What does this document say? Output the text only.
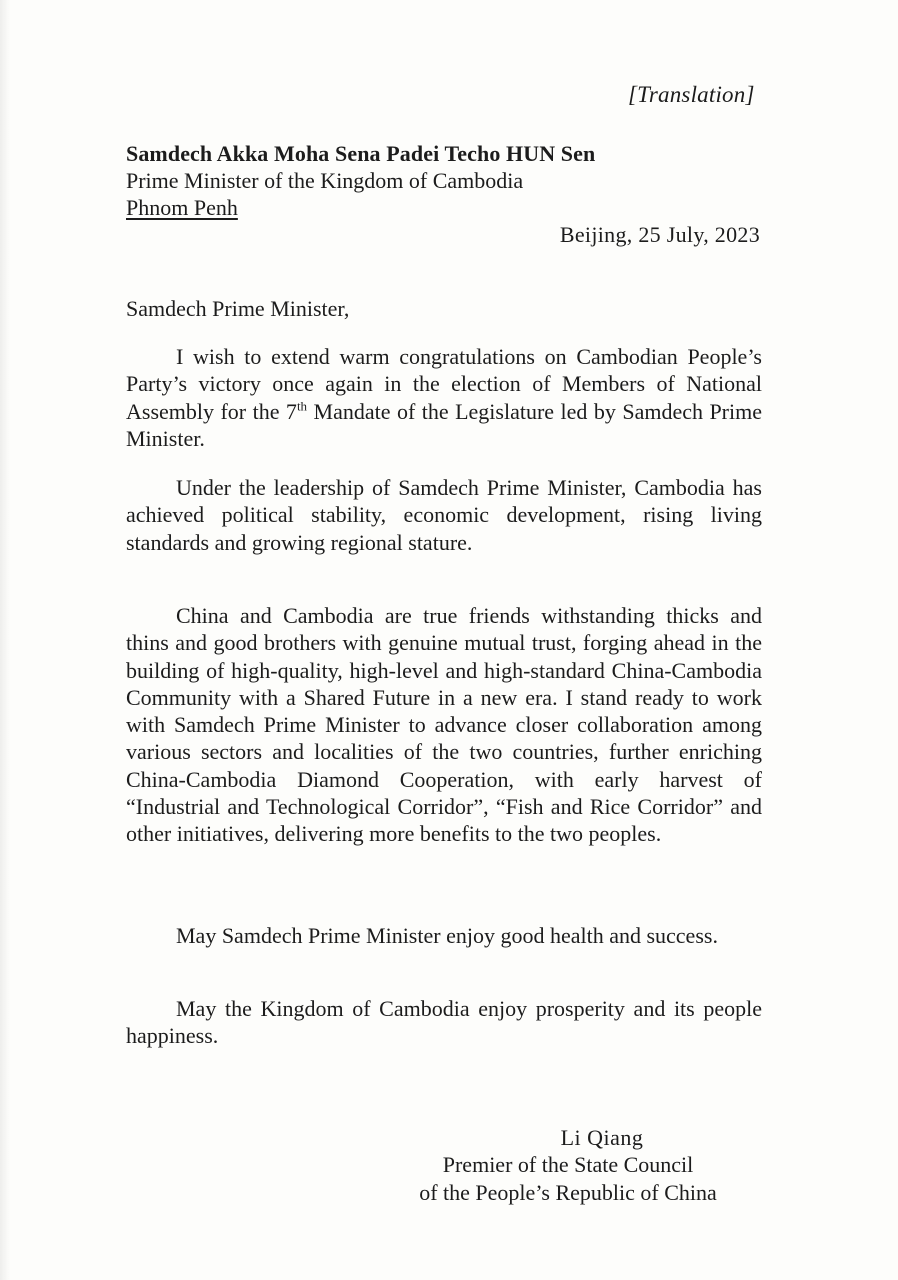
[Translation]
Samdech Akka Moha Sena Padei Techo HUN Sen
Prime Minister of the Kingdom of Cambodia
Phnom Penh
Beijing, 25 July, 2023
Samdech Prime Minister,

I wish to extend warm congratulations on Cambodian People’s Party’s victory once again in the election of Members of National Assembly for the 7th Mandate of the Legislature led by Samdech Prime Minister.

Under the leadership of Samdech Prime Minister, Cambodia has achieved political stability, economic development, rising living standards and growing regional stature.

China and Cambodia are true friends withstanding thicks and thins and good brothers with genuine mutual trust, forging ahead in the building of high-quality, high-level and high-standard China-Cambodia Community with a Shared Future in a new era. I stand ready to work with Samdech Prime Minister to advance closer collaboration among various sectors and localities of the two countries, further enriching China-Cambodia Diamond Cooperation, with early harvest of “Industrial and Technological Corridor”, “Fish and Rice Corridor” and other initiatives, delivering more benefits to the two peoples.

May Samdech Prime Minister enjoy good health and success.

May the Kingdom of Cambodia enjoy prosperity and its people happiness.

Li Qiang
Premier of the State Council
of the People’s Republic of China
